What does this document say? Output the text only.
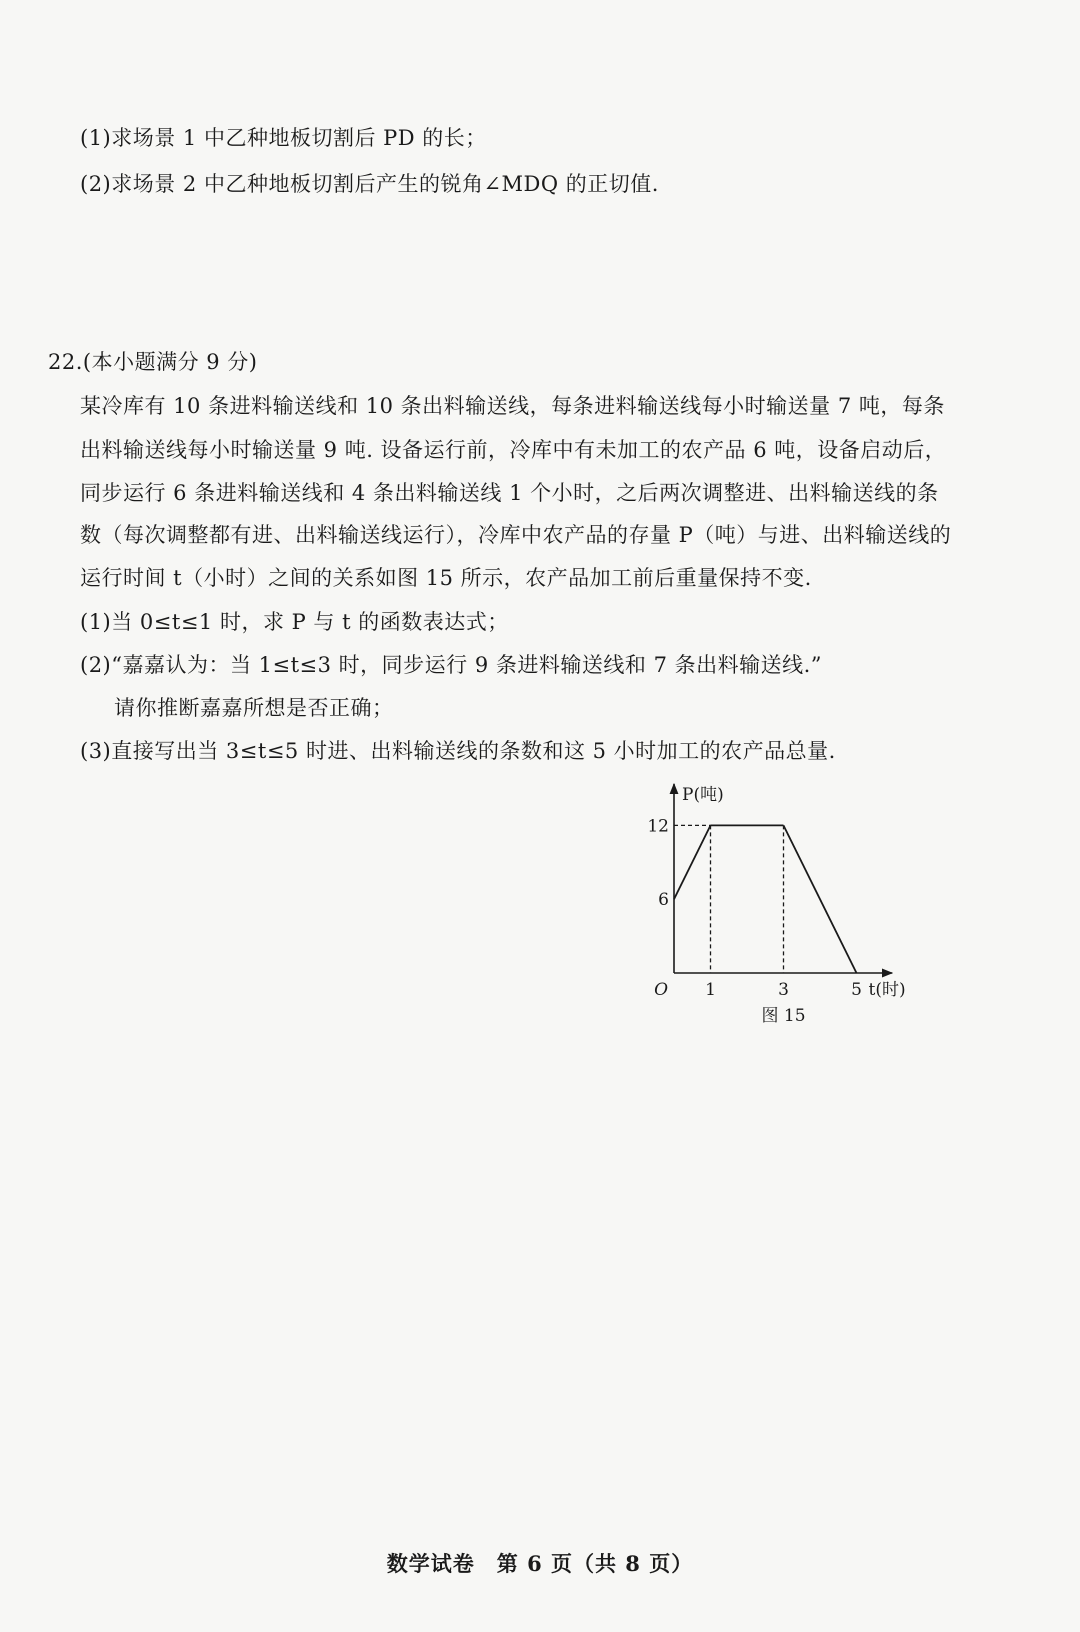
(1)求场景 1 中乙种地板切割后 PD 的长；
(2)求场景 2 中乙种地板切割后产生的锐角∠MDQ 的正切值.
22.(本小题满分 9 分)
某冷库有 10 条进料输送线和 10 条出料输送线，每条进料输送线每小时输送量 7 吨，每条
出料输送线每小时输送量 9 吨. 设备运行前，冷库中有未加工的农产品 6 吨，设备启动后，
同步运行 6 条进料输送线和 4 条出料输送线 1 个小时，之后两次调整进、出料输送线的条
数（每次调整都有进、出料输送线运行），冷库中农产品的存量 P（吨）与进、出料输送线的
运行时间 t（小时）之间的关系如图 15 所示，农产品加工前后重量保持不变.
(1)当 0≤t≤1 时，求 P 与 t 的函数表达式；
(2)“嘉嘉认为：当 1≤t≤3 时，同步运行 9 条进料输送线和 7 条出料输送线.”
请你推断嘉嘉所想是否正确；
(3)直接写出当 3≤t≤5 时进、出料输送线的条数和这 5 小时加工的农产品总量.
P(吨)
O
6
12
1	3	5 t(时)
图 15
数学试卷　第 6 页（共 8 页）
